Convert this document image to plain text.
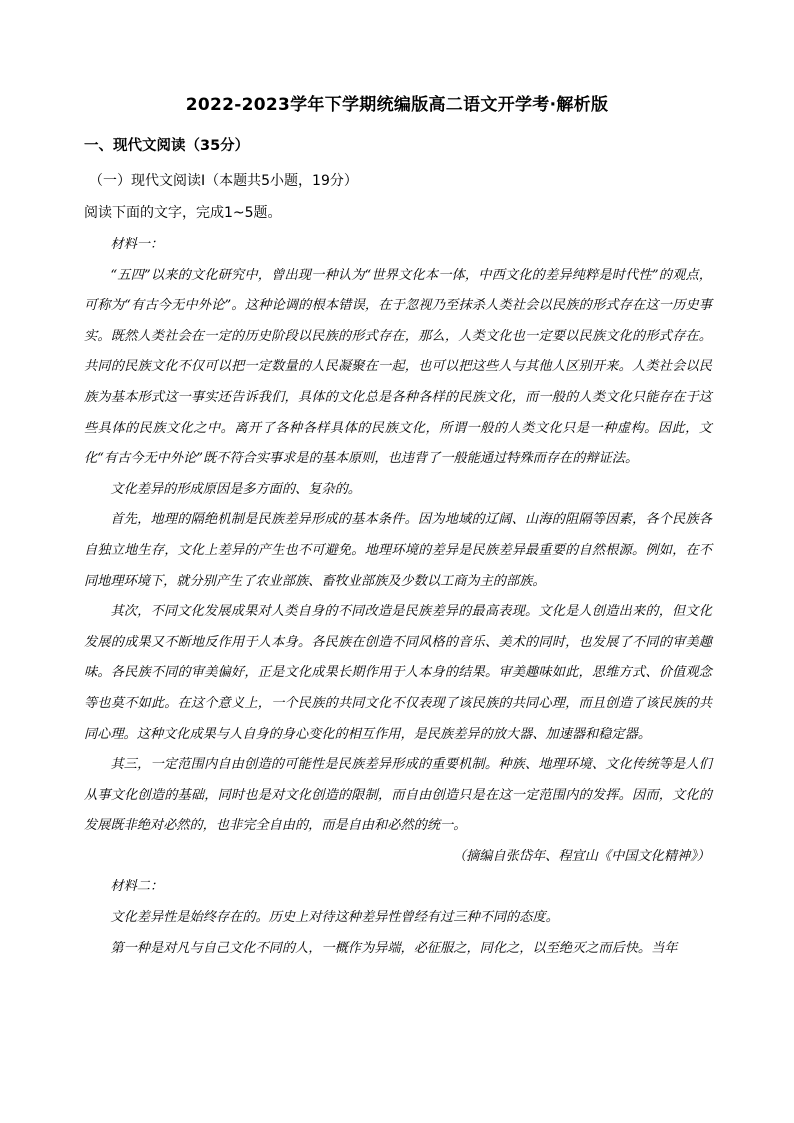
2022-2023学年下学期统编版高二语文开学考·解析版
一、现代文阅读（35分）
（一）现代文阅读Ⅰ（本题共5小题，19分）
阅读下面的文字，完成1~5题。

材料一：

“五四”以来的文化研究中，曾出现一种认为“世界文化本一体，中西文化的差异纯粹是时代性”的观点，可称为“有古今无中外论”。这种论调的根本错误，在于忽视乃至抹杀人类社会以民族的形式存在这一历史事实。既然人类社会在一定的历史阶段以民族的形式存在，那么，人类文化也一定要以民族文化的形式存在。共同的民族文化不仅可以把一定数量的人民凝聚在一起，也可以把这些人与其他人区别开来。人类社会以民族为基本形式这一事实还告诉我们，具体的文化总是各种各样的民族文化，而一般的人类文化只能存在于这些具体的民族文化之中。离开了各种各样具体的民族文化，所谓一般的人类文化只是一种虚构。因此，文化“有古今无中外论”既不符合实事求是的基本原则，也违背了一般能通过特殊而存在的辩证法。

文化差异的形成原因是多方面的、复杂的。

首先，地理的隔绝机制是民族差异形成的基本条件。因为地域的辽阔、山海的阻隔等因素，各个民族各自独立地生存，文化上差异的产生也不可避免。地理环境的差异是民族差异最重要的自然根源。例如，在不同地理环境下，就分别产生了农业部族、畜牧业部族及少数以工商为主的部族。

其次，不同文化发展成果对人类自身的不同改造是民族差异的最高表现。文化是人创造出来的，但文化发展的成果又不断地反作用于人本身。各民族在创造不同风格的音乐、美术的同时，也发展了不同的审美趣味。各民族不同的审美偏好，正是文化成果长期作用于人本身的结果。审美趣味如此，思维方式、价值观念等也莫不如此。在这个意义上，一个民族的共同文化不仅表现了该民族的共同心理，而且创造了该民族的共同心理。这种文化成果与人自身的身心变化的相互作用，是民族差异的放大器、加速器和稳定器。

其三，一定范围内自由创造的可能性是民族差异形成的重要机制。种族、地理环境、文化传统等是人们从事文化创造的基础，同时也是对文化创造的限制，而自由创造只是在这一定范围内的发挥。因而，文化的发展既非绝对必然的，也非完全自由的，而是自由和必然的统一。

（摘编自张岱年、程宜山《中国文化精神》）

材料二：

文化差异性是始终存在的。历史上对待这种差异性曾经有过三种不同的态度。

第一种是对凡与自己文化不同的人，一概作为异端，必征服之，同化之，以至绝灭之而后快。当年
